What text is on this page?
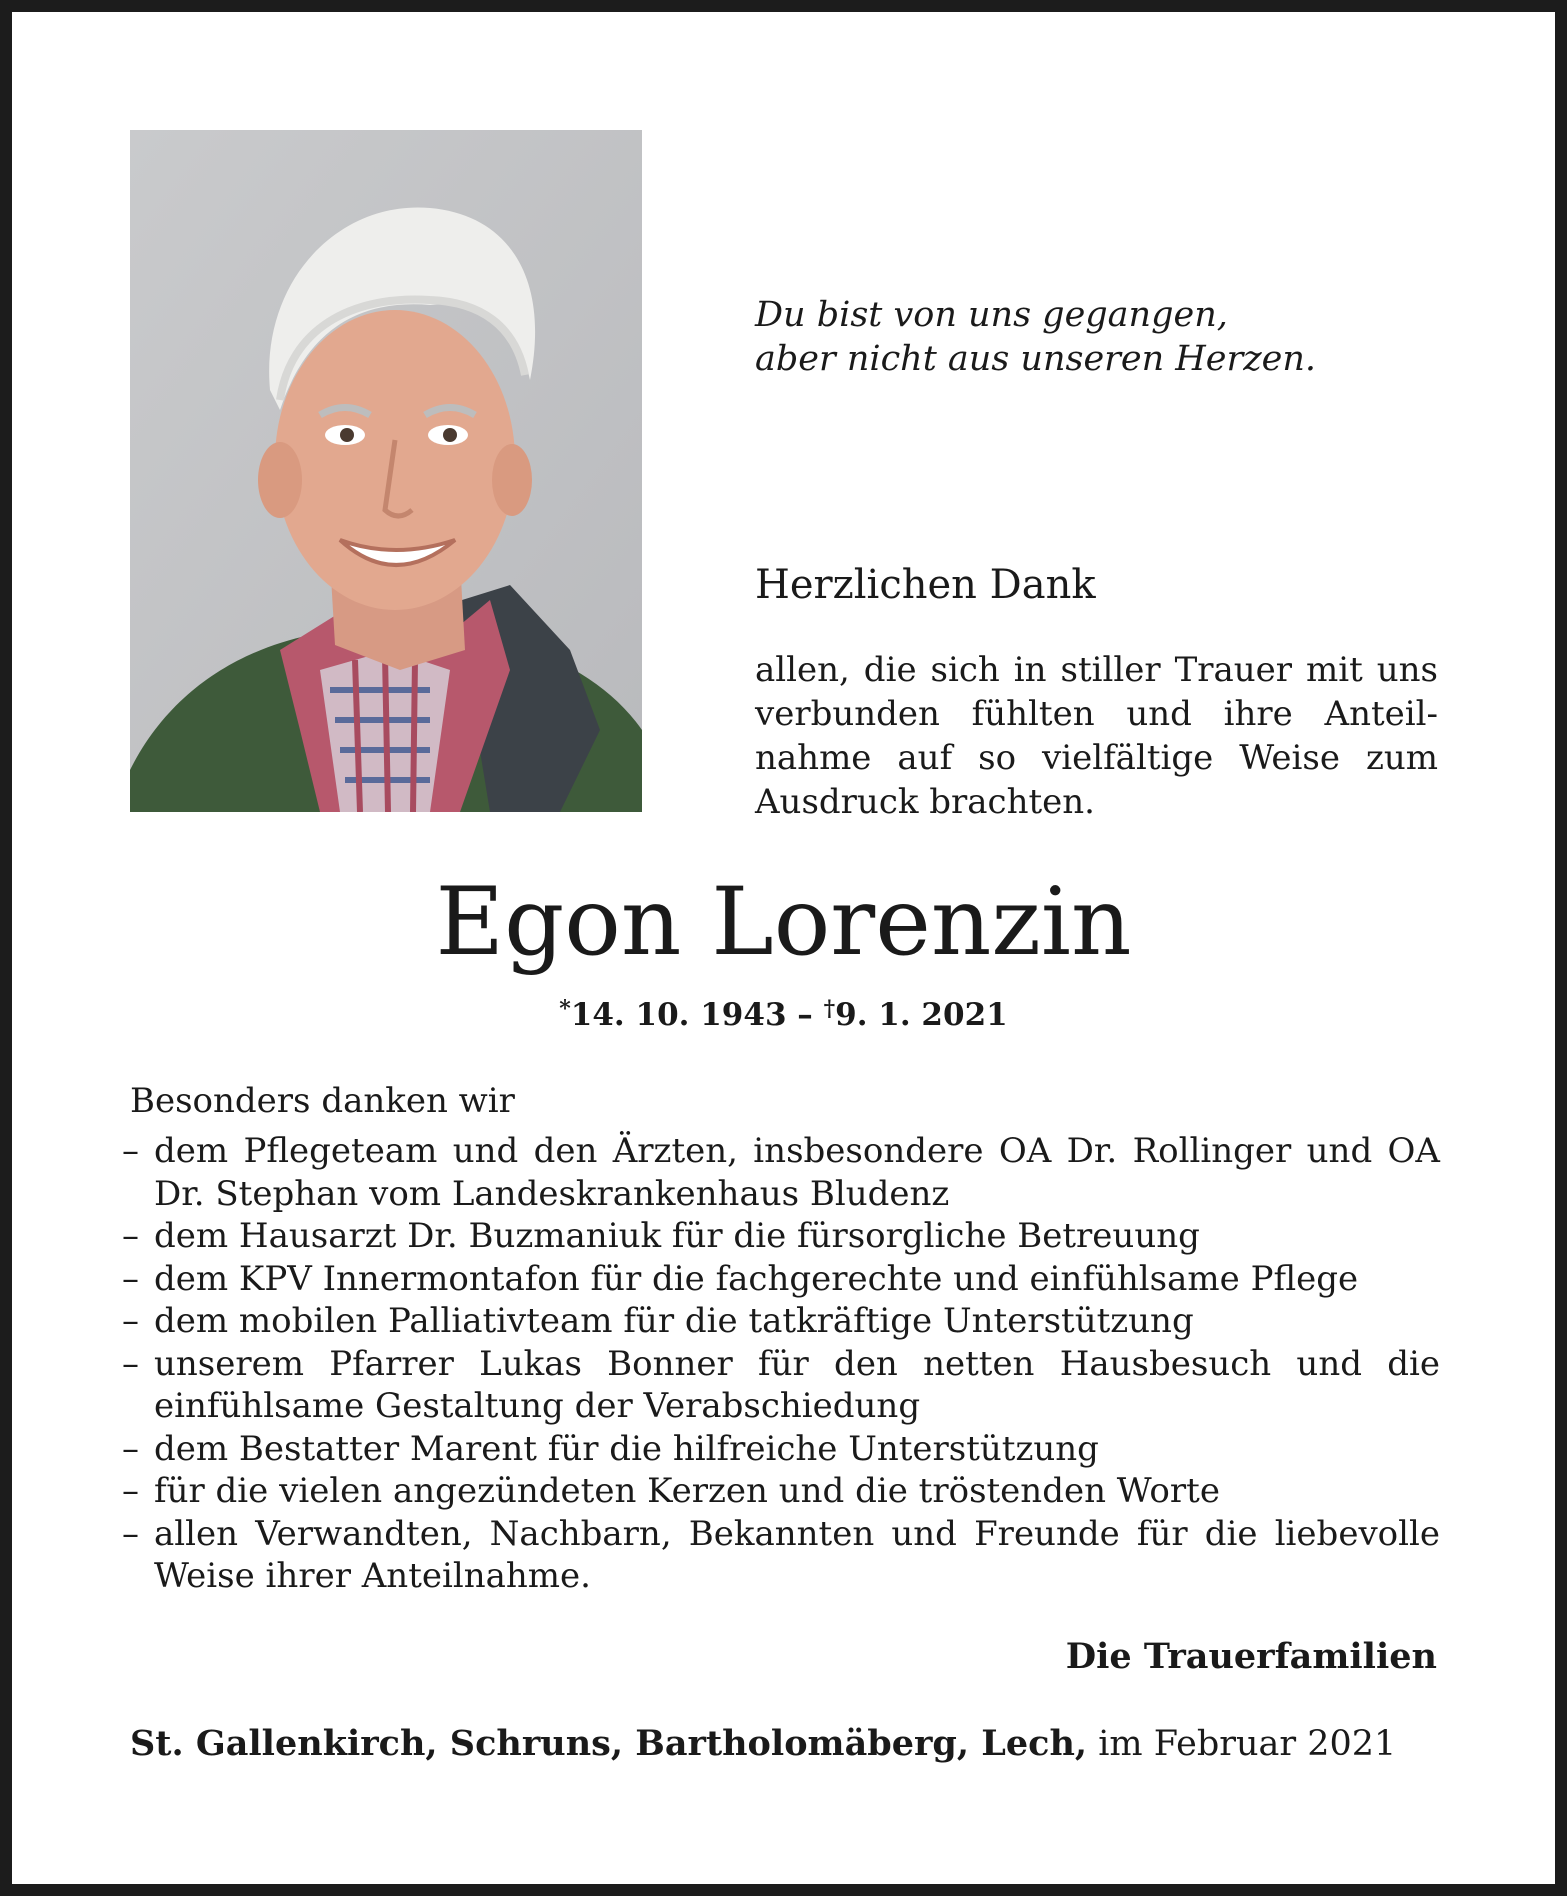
Du bist von uns gegangen,
aber nicht aus unseren Herzen.
Herzlichen Dank
allen, die sich in stiller Trauer mit uns verbunden fühlten und ihre Anteilnahme auf so vielfältige Weise zum Ausdruck brachten.
Egon Lorenzin
*14. 10. 1943 – †9. 1. 2021
Besonders danken wir
– dem Pflegeteam und den Ärzten, insbesondere OA Dr. Rollinger und OA Dr. Stephan vom Landeskrankenhaus Bludenz
– dem Hausarzt Dr. Buzmaniuk für die fürsorgliche Betreuung
– dem KPV Innermontafon für die fachgerechte und einfühlsame Pflege
– dem mobilen Palliativteam für die tatkräftige Unterstützung
– unserem Pfarrer Lukas Bonner für den netten Hausbesuch und die einfühlsame Gestaltung der Verabschiedung
– dem Bestatter Marent für die hilfreiche Unterstützung
– für die vielen angezündeten Kerzen und die tröstenden Worte
– allen Verwandten, Nachbarn, Bekannten und Freunde für die liebevolle Weise ihrer Anteilnahme.
Die Trauerfamilien
St. Gallenkirch, Schruns, Bartholomäberg, Lech, im Februar 2021
